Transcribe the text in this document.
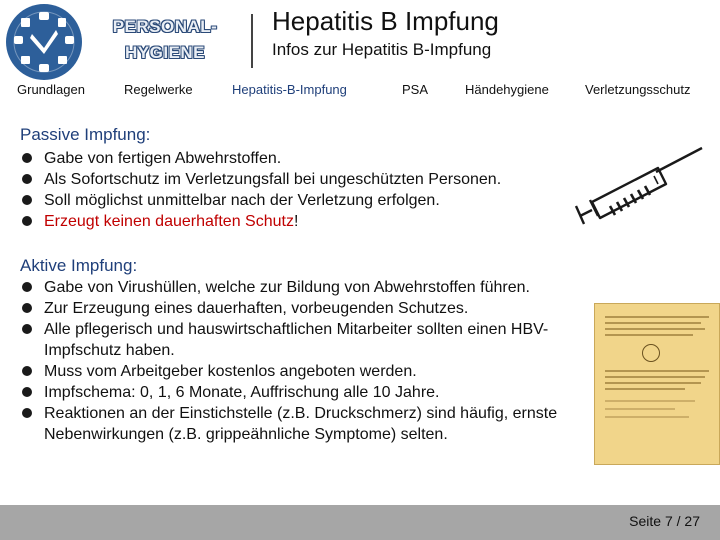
PERSONAL-
HYGIENE
Hepatitis B Impfung
Infos zur Hepatitis B-Impfung
Grundlagen	Regelwerke	Hepatitis-B-Impfung	PSA	Händehygiene	Verletzungsschutz
Passive Impfung:
Gabe von fertigen Abwehrstoffen.
Als Sofortschutz im Verletzungsfall bei ungeschützten Personen.
Soll möglichst unmittelbar nach der Verletzung erfolgen.
Erzeugt keinen dauerhaften Schutz!
Aktive Impfung:
Gabe von Virushüllen, welche zur Bildung von Abwehrstoffen führen.
Zur Erzeugung eines dauerhaften, vorbeugenden Schutzes.
Alle pflegerisch und hauswirtschaftlichen Mitarbeiter sollten einen HBV-Impfschutz haben.
Muss vom Arbeitgeber kostenlos angeboten werden.
Impfschema: 0, 1, 6 Monate, Auffrischung alle 10 Jahre.
Reaktionen an der Einstichstelle (z.B. Druckschmerz) sind häufig, ernste Nebenwirkungen (z.B. grippeähnliche Symptome) selten.
Seite 7 / 27
